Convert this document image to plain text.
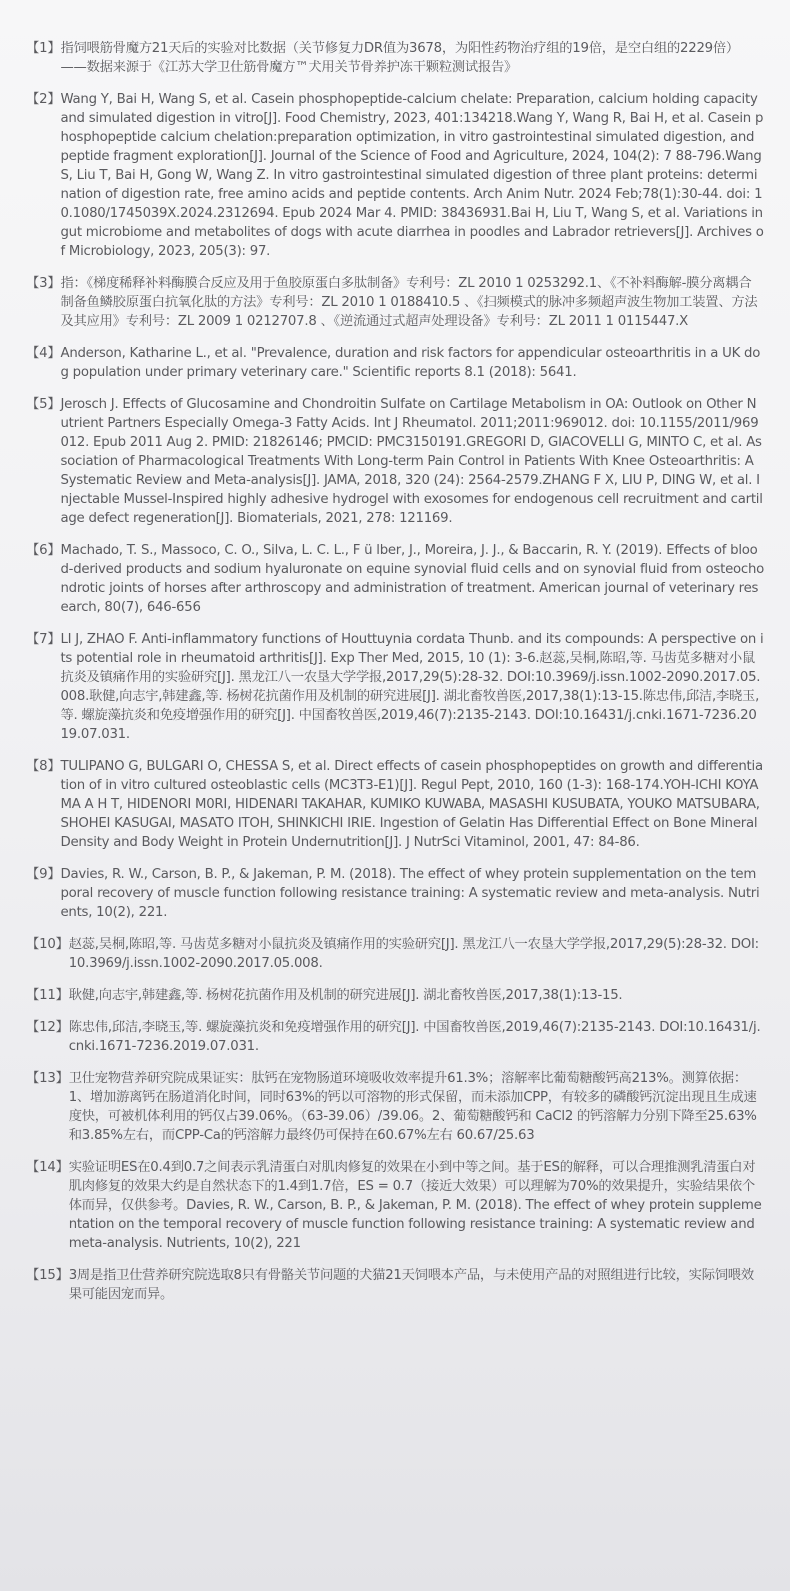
【1】 指饲喂筋骨魔方21天后的实验对比数据（关节修复力DR值为3678，为阳性药物治疗组的19倍，是空白组的2229倍）——数据来源于《江苏大学卫仕筋骨魔方™犬用关节骨养护冻干颗粒测试报告》
【2】 Wang Y, Bai H, Wang S, et al. Casein phosphopeptide-calcium chelate: Preparation, calcium holding capacity and simulated digestion in vitro[J]. Food Chemistry, 2023, 401:134218.Wang Y, Wang R, Bai H, et al. Casein phosphopeptide calcium chelation:preparation optimization, in vitro gastrointestinal simulated digestion, and peptide fragment exploration[J]. Journal of the Science of Food and Agriculture, 2024, 104(2): 7 88-796.Wang S, Liu T, Bai H, Gong W, Wang Z. In vitro gastrointestinal simulated digestion of three plant proteins: determination of digestion rate, free amino acids and peptide contents. Arch Anim Nutr. 2024 Feb;78(1):30-44. doi: 10.1080/1745039X.2024.2312694. Epub 2024 Mar 4. PMID: 38436931.Bai H, Liu T, Wang S, et al. Variations in gut microbiome and metabolites of dogs with acute diarrhea in poodles and Labrador retrievers[J]. Archives of Microbiology, 2023, 205(3): 97.
【3】 指：《梯度稀释补料酶膜合反应及用于鱼胶原蛋白多肽制备》专利号：ZL 2010 1 0253292.1、《不补料酶解-膜分离耦合制备鱼鳞胶原蛋白抗氧化肽的方法》专利号：ZL 2010 1 0188410.5 、《扫频模式的脉冲多频超声波生物加工装置、方法及其应用》专利号：ZL 2009 1 0212707.8 、《逆流通过式超声处理设备》专利号：ZL 2011 1 0115447.X
【4】 Anderson, Katharine L., et al. "Prevalence, duration and risk factors for appendicular osteoarthritis in a UK dog population under primary veterinary care." Scientific reports 8.1 (2018): 5641.
【5】 Jerosch J. Effects of Glucosamine and Chondroitin Sulfate on Cartilage Metabolism in OA: Outlook on Other Nutrient Partners Especially Omega-3 Fatty Acids. Int J Rheumatol. 2011;2011:969012. doi: 10.1155/2011/969012. Epub 2011 Aug 2. PMID: 21826146; PMCID: PMC3150191.GREGORI D, GIACOVELLI G, MINTO C, et al. Association of Pharmacological Treatments With Long-term Pain Control in Patients With Knee Osteoarthritis: A Systematic Review and Meta-analysis[J]. JAMA, 2018, 320 (24): 2564-2579.ZHANG F X, LIU P, DING W, et al. Injectable Mussel-Inspired highly adhesive hydrogel with exosomes for endogenous cell recruitment and cartilage defect regeneration[J]. Biomaterials, 2021, 278: 121169.
【6】 Machado, T. S., Massoco, C. O., Silva, L. C. L., F ü lber, J., Moreira, J. J., & Baccarin, R. Y. (2019). Effects of blood-derived products and sodium hyaluronate on equine synovial fluid cells and on synovial fluid from osteochondrotic joints of horses after arthroscopy and administration of treatment. American journal of veterinary research, 80(7), 646-656
【7】 LI J, ZHAO F. Anti-inflammatory functions of Houttuynia cordata Thunb. and its compounds: A perspective on its potential role in rheumatoid arthritis[J]. Exp Ther Med, 2015, 10 (1): 3-6.赵蕊,吴桐,陈昭,等. 马齿苋多糖对小鼠抗炎及镇痛作用的实验研究[J]. 黑龙江八一农垦大学学报,2017,29(5):28-32. DOI:10.3969/j.issn.1002-2090.2017.05.008.耿健,向志宇,韩建鑫,等. 杨树花抗菌作用及机制的研究进展[J]. 湖北畜牧兽医,2017,38(1):13-15.陈忠伟,邱洁,李晓玉,等. 螺旋藻抗炎和免疫增强作用的研究[J]. 中国畜牧兽医,2019,46(7):2135-2143. DOI:10.16431/j.cnki.1671-7236.2019.07.031.
【8】 TULIPANO G, BULGARI O, CHESSA S, et al. Direct effects of casein phosphopeptides on growth and differentiation of in vitro cultured osteoblastic cells (MC3T3-E1)[J]. Regul Pept, 2010, 160 (1-3): 168-174.YOH-ICHI KOYAMA A H T, HIDENORI M0RI, HIDENARI TAKAHAR, KUMIKO KUWABA, MASASHI KUSUBATA, YOUKO MATSUBARA, SHOHEI KASUGAI, MASATO ITOH, SHINKICHI IRIE. Ingestion of Gelatin Has Differential Effect on Bone Mineral Density and Body Weight in Protein Undernutrition[J]. J NutrSci Vitaminol, 2001, 47: 84-86.
【9】 Davies, R. W., Carson, B. P., & Jakeman, P. M. (2018). The effect of whey protein supplementation on the temporal recovery of muscle function following resistance training: A systematic review and meta-analysis. Nutrients, 10(2), 221.
【10】 赵蕊,吴桐,陈昭,等. 马齿苋多糖对小鼠抗炎及镇痛作用的实验研究[J]. 黑龙江八一农垦大学学报,2017,29(5):28-32. DOI:10.3969/j.issn.1002-2090.2017.05.008.
【11】 耿健,向志宇,韩建鑫,等. 杨树花抗菌作用及机制的研究进展[J]. 湖北畜牧兽医,2017,38(1):13-15.
【12】 陈忠伟,邱洁,李晓玉,等. 螺旋藻抗炎和免疫增强作用的研究[J]. 中国畜牧兽医,2019,46(7):2135-2143. DOI:10.16431/j.cnki.1671-7236.2019.07.031.
【13】 卫仕宠物营养研究院成果证实：肽钙在宠物肠道环境吸收效率提升61.3%；溶解率比葡萄糖酸钙高213%。测算依据：1、增加游离钙在肠道消化时间，同时63%的钙以可溶物的形式保留，而未添加CPP，有较多的磷酸钙沉淀出现且生成速度快，可被机体利用的钙仅占39.06%。（63-39.06）/39.06。2、葡萄糖酸钙和 CaCl2 的钙溶解力分别下降至25.63%和3.85%左右，而CPP-Ca的钙溶解力最终仍可保持在60.67%左右 60.67/25.63
【14】 实验证明ES在0.4到0.7之间表示乳清蛋白对肌肉修复的效果在小到中等之间。基于ES的解释，可以合理推测乳清蛋白对肌肉修复的效果大约是自然状态下的1.4到1.7倍，ES = 0.7（接近大效果）可以理解为70%的效果提升，实验结果依个体而异，仅供参考。Davies, R. W., Carson, B. P., & Jakeman, P. M. (2018). The effect of whey protein supplementation on the temporal recovery of muscle function following resistance training: A systematic review and meta-analysis. Nutrients, 10(2), 221
【15】 3周是指卫仕营养研究院选取8只有骨骼关节问题的犬猫21天饲喂本产品，与未使用产品的对照组进行比较，实际饲喂效果可能因宠而异。
